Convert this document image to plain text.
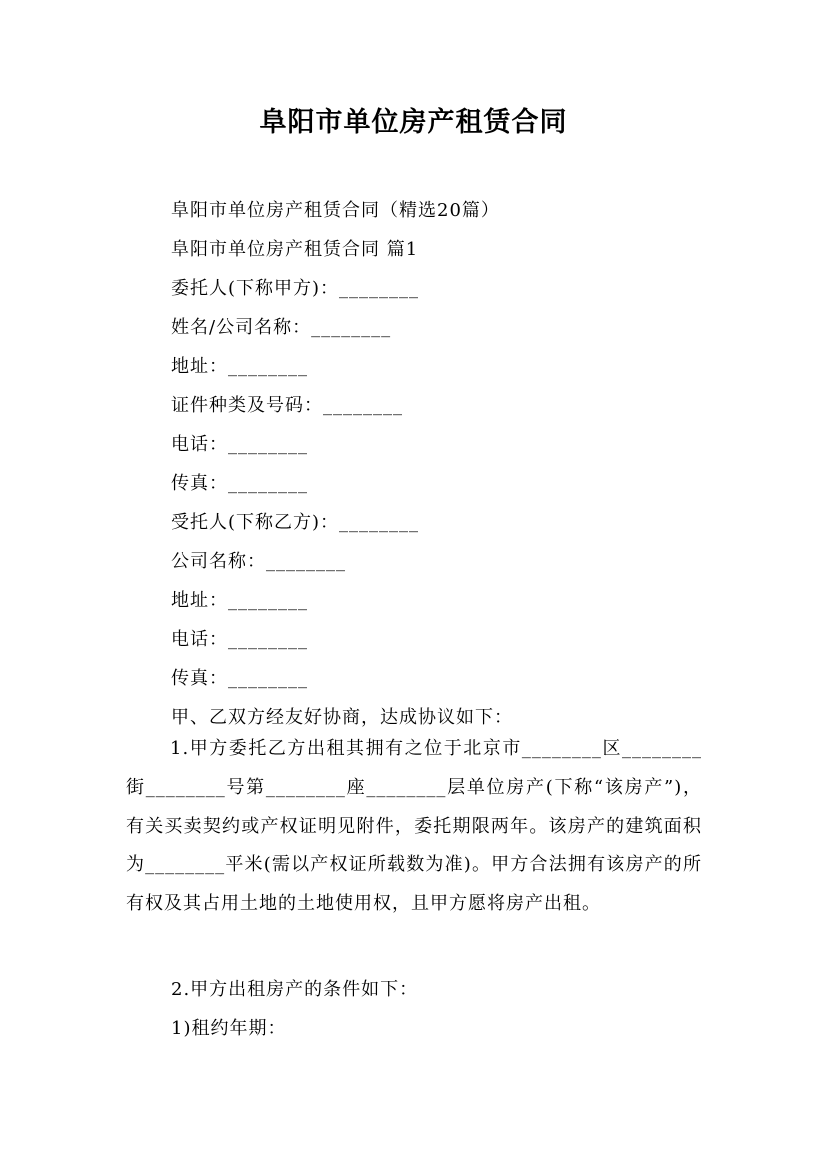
阜阳市单位房产租赁合同

阜阳市单位房产租赁合同（精选20篇）

阜阳市单位房产租赁合同 篇1

委托人(下称甲方)：________

姓名/公司名称：________

地址：________

证件种类及号码：________

电话：________

传真：________

受托人(下称乙方)：________

公司名称：________

地址：________

电话：________

传真：________

甲、乙双方经友好协商，达成协议如下：

1.甲方委托乙方出租其拥有之位于北京市________区________街________号第________座________层单位房产(下称“该房产”)，有关买卖契约或产权证明见附件，委托期限两年。该房产的建筑面积为________平米(需以产权证所载数为准)。甲方合法拥有该房产的所有权及其占用土地的土地使用权，且甲方愿将房产出租。

2.甲方出租房产的条件如下：

1)租约年期：
